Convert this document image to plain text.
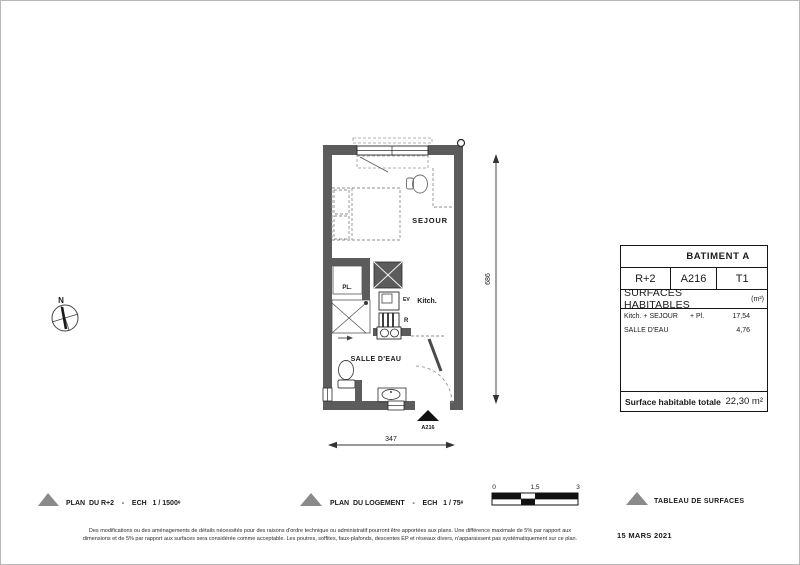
N
PL.
EV
R
SEJOUR
Kitch.
SALLE D'EAU
A216
686
347
PLAN  DU R+2    -    ECH   1 / 1500ᵉ	PLAN  DU LOGEMENT    -    ECH   1 / 75ᵉ	TABLEAU DE SURFACES
0	1,5	3
BATIMENT A
R+2	A216	T1
SURFACES HABITABLES	(m²)
Kitch. + SEJOUR	+ Pl.	17,54
SALLE D'EAU	4,76
Surface habitable totale 22,30 m²
Des modifications ou des aménagements de détails nécessités pour des raisons d'ordre technique ou administratif pourront être apportées aux plans. Une différence maximale de 5% par rapport aux
dimensions et de 5% par rapport aux surfaces sera considérée comme acceptable. Les poutres, soffites, faux-plafonds, descentes EP et réseaux divers, n'apparaissent pas systématiquement sur ce plan.	15 MARS 2021
